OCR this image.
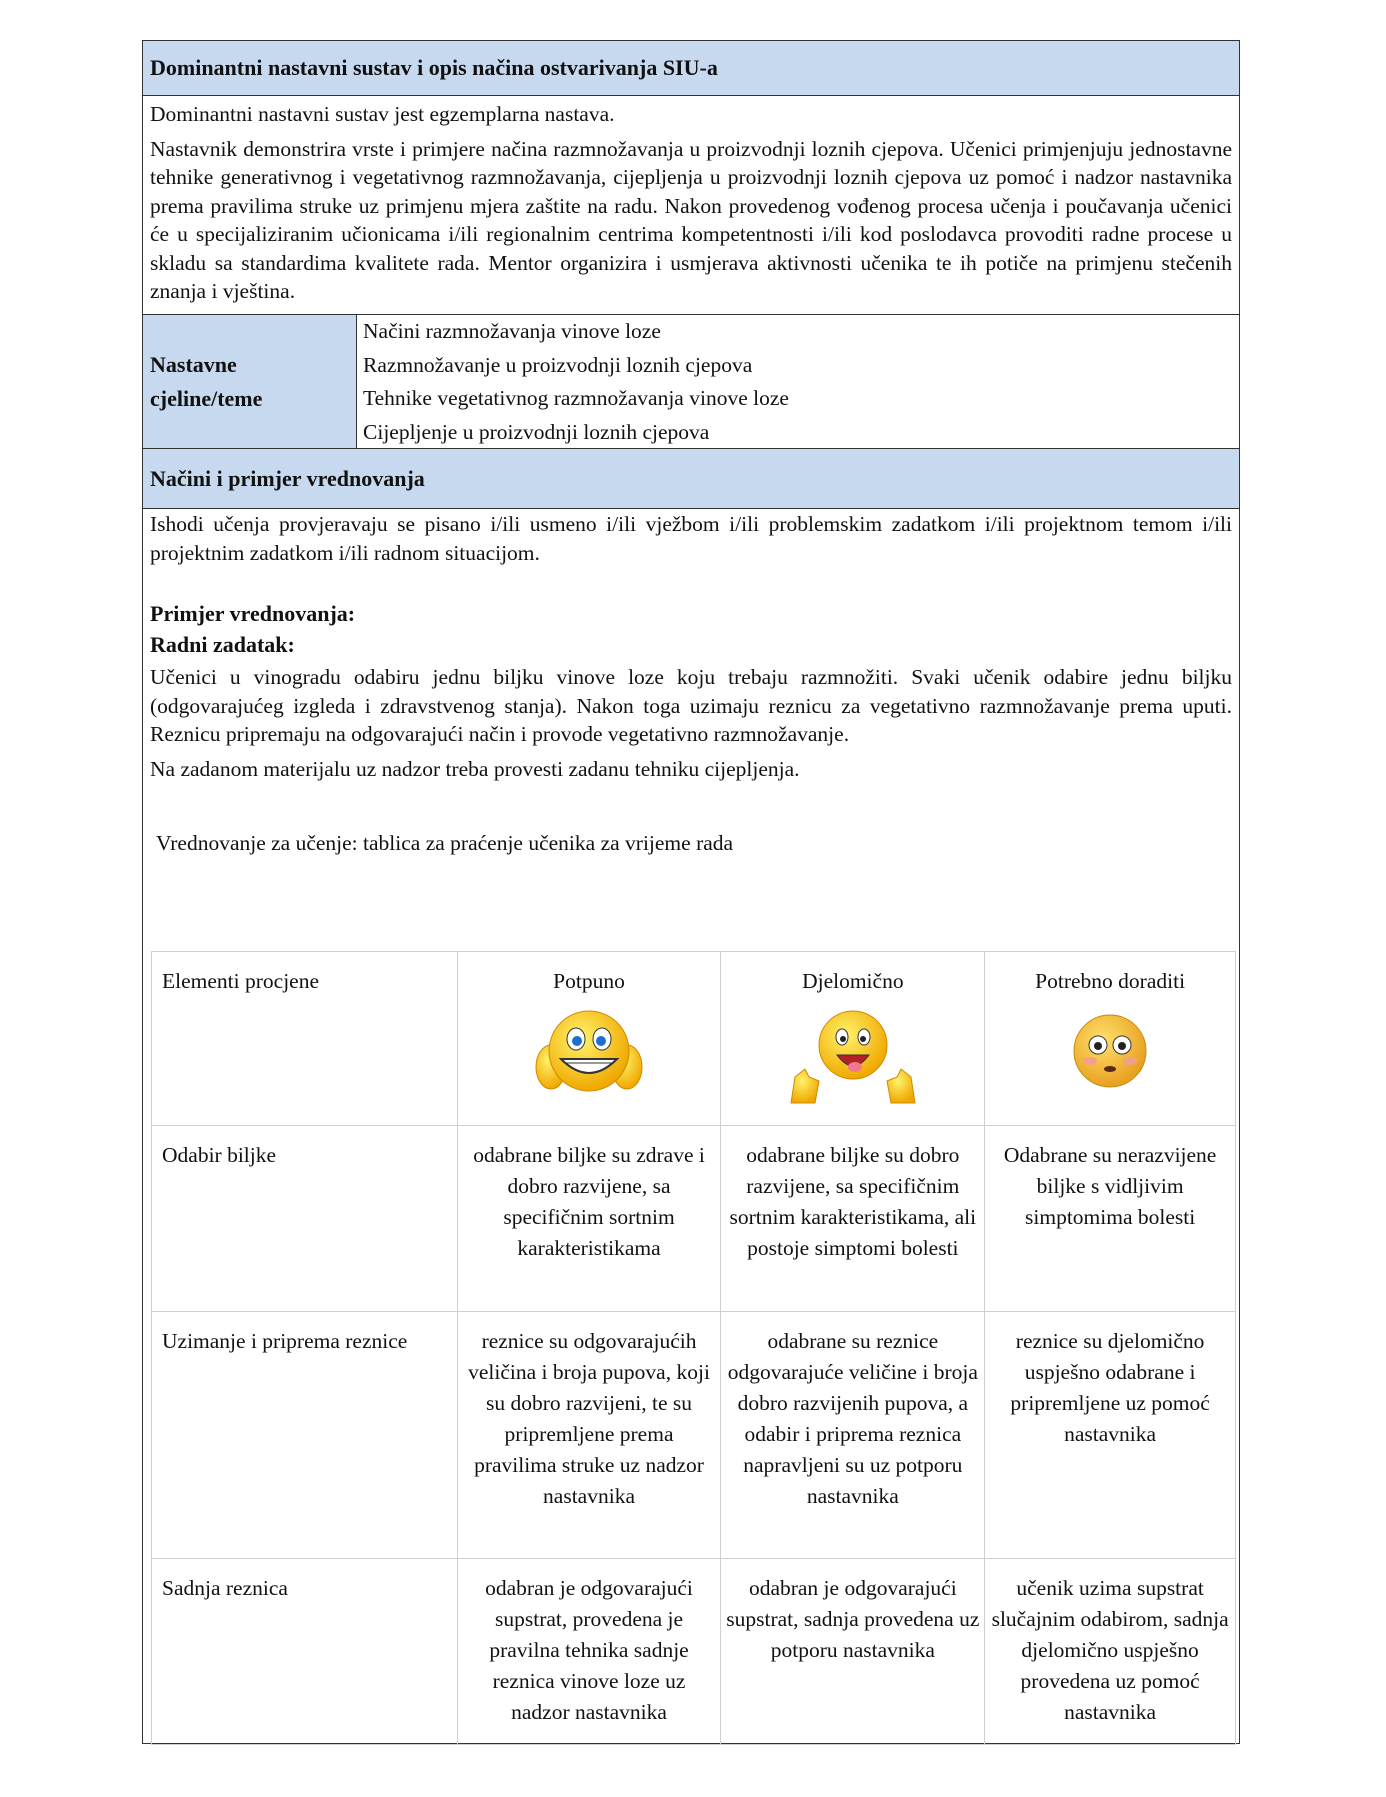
Dominantni nastavni sustav i opis načina ostvarivanja SIU-a

Dominantni nastavni sustav jest egzemplarna nastava.

Nastavnik demonstrira vrste i primjere načina razmnožavanja u proizvodnji loznih cjepova. Učenici primjenjuju jednostavne tehnike generativnog i vegetativnog razmnožavanja, cijepljenja u proizvodnji loznih cjepova uz pomoć i nadzor nastavnika prema pravilima struke uz primjenu mjera zaštite na radu. Nakon provedenog vođenog procesa učenja i poučavanja učenici će u specijaliziranim učionicama i/ili regionalnim centrima kompetentnosti i/ili kod poslodavca provoditi radne procese u skladu sa standardima kvalitete rada. Mentor organizira i usmjerava aktivnosti učenika te ih potiče na primjenu stečenih znanja i vještina.

Nastavne cjeline/teme
Načini razmnožavanja vinove loze
Razmnožavanje u proizvodnji loznih cjepova
Tehnike vegetativnog razmnožavanja vinove loze
Cijepljenje u proizvodnji loznih cjepova
Načini i primjer vrednovanja

Ishodi učenja provjeravaju se pisano i/ili usmeno i/ili vježbom i/ili problemskim zadatkom i/ili projektnom temom i/ili projektnim zadatkom i/ili radnom situacijom.

Primjer vrednovanja:

Radni zadatak:

Učenici u vinogradu odabiru jednu biljku vinove loze koju trebaju razmnožiti. Svaki učenik odabire jednu biljku (odgovarajućeg izgleda i zdravstvenog stanja). Nakon toga uzimaju reznicu za vegetativno razmnožavanje prema uputi. Reznicu pripremaju na odgovarajući način i provode vegetativno razmnožavanje.

Na zadanom materijalu uz nadzor treba provesti zadanu tehniku cijepljenja.

Vrednovanje za učenje: tablica za praćenje učenika za vrijeme rada

Elementi procjene	Potpuno	Djelomično	Potrebno doraditi

Odabir biljke	odabrane biljke su zdrave i dobro razvijene, sa specifičnim sortnim karakteristikama	odabrane biljke su dobro razvijene, sa specifičnim sortnim karakteristikama, ali postoje simptomi bolesti	Odabrane su nerazvijene biljke s vidljivim simptomima bolesti
Uzimanje i priprema reznice	reznice su odgovarajućih veličina i broja pupova, koji su dobro razvijeni, te su pripremljene prema pravilima struke uz nadzor nastavnika	odabrane su reznice odgovarajuće veličine i broja dobro razvijenih pupova, a odabir i priprema reznica napravljeni su uz potporu nastavnika	reznice su djelomično uspješno odabrane i pripremljene uz pomoć nastavnika
Sadnja reznica	odabran je odgovarajući supstrat, provedena je pravilna tehnika sadnje reznica vinove loze uz nadzor nastavnika	odabran je odgovarajući supstrat, sadnja provedena uz potporu nastavnika	učenik uzima supstrat slučajnim odabirom, sadnja djelomično uspješno provedena uz pomoć nastavnika
